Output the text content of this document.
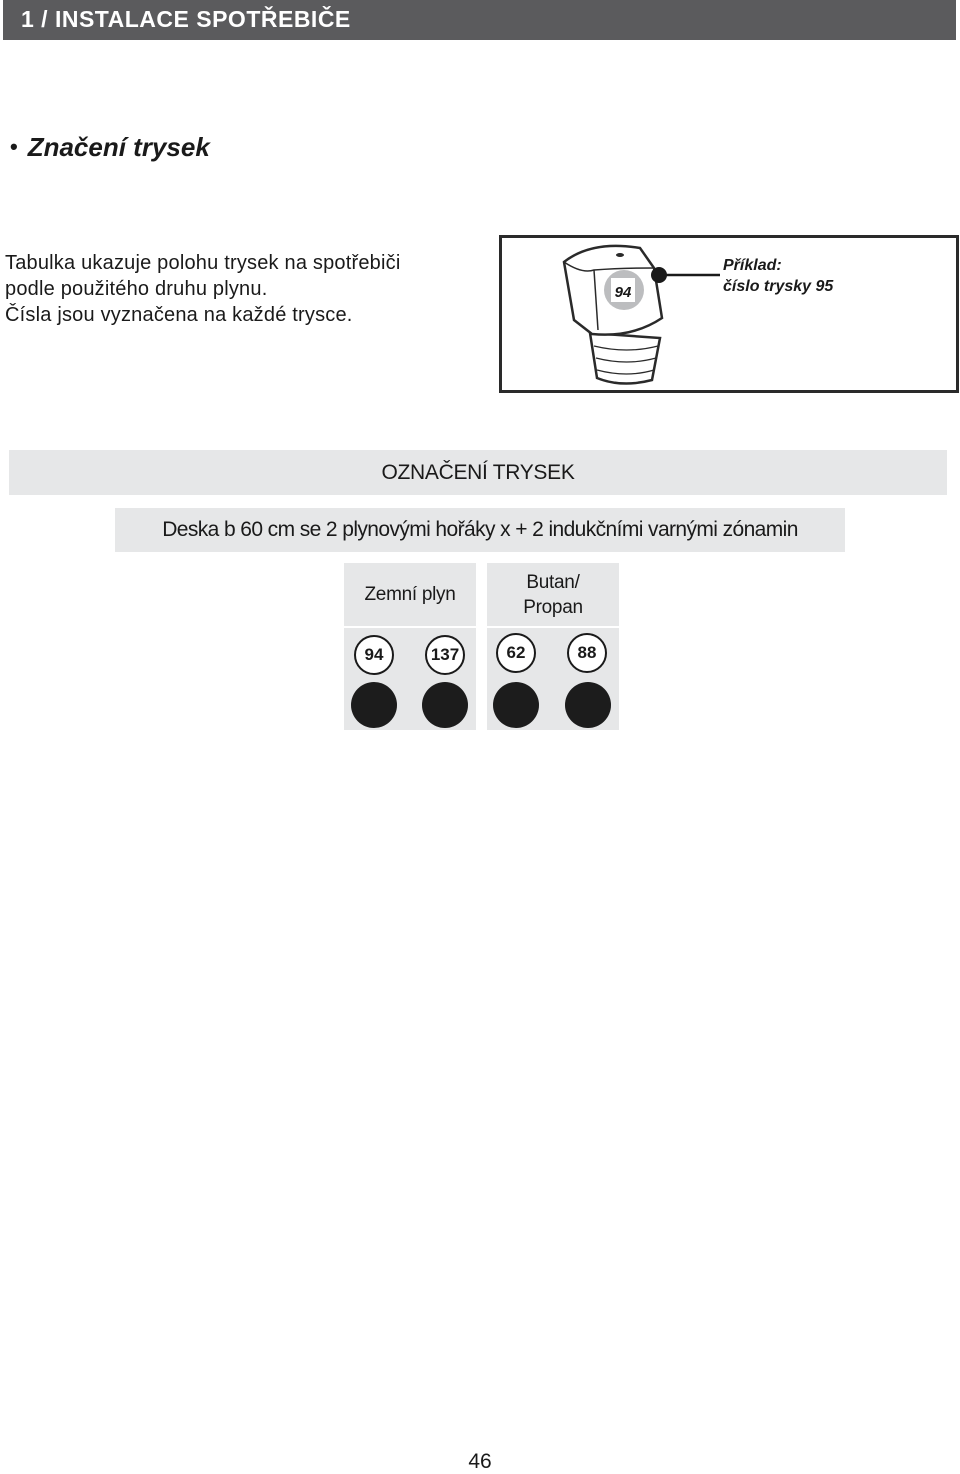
1 / INSTALACE SPOTŘEBIČE
• Značení trysek
Tabulka ukazuje polohu trysek na spotřebiči
podle použitého druhu plynu.
Čísla jsou vyznačena na každé trysce.
94
Příklad:
číslo trysky 95
OZNAČENÍ TRYSEK
Deska b 60 cm se 2 plynovými hořáky x + 2 indukčními varnými zónamin
Zemní plyn
94	137
Butan/
Propan
62	88
46
